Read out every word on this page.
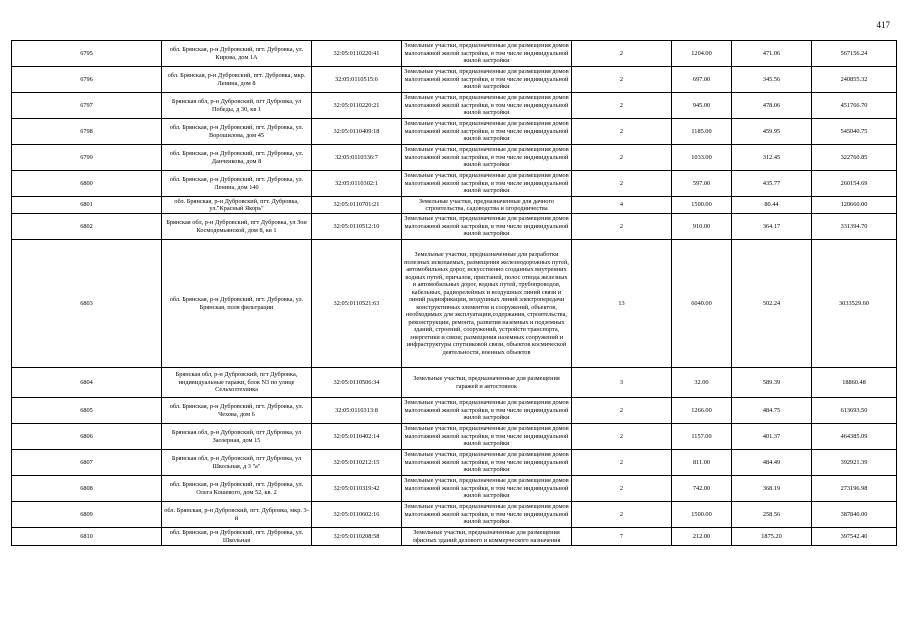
417
6795	обл. Брянская, р-н Дубровский, пгт. Дубровка, ул. Кирова, дом 1А	32:05:0110220:41	Земельные участки, предназначенные для размещения домов малоэтажной жилой застройки, в том числе индивидуальной жилой застройки	2	1204.00	471.06	567156.24
6796	обл. Брянская, р-н Дубровский, пгт. Дубровка, мкр. Ленина, дом 8	32:05:0110515:6	Земельные участки, предназначенные для размещения домов малоэтажной жилой застройки, в том числе индивидуальной жилой застройки	2	697.00	345.56	240855.32
6797	Брянская обл, р-н Дубровский, пгт Дубровка, ул Победы, д 30, кв 1	32:05:0110220:21	Земельные участки, предназначенные для размещения домов малоэтажной жилой застройки, в том числе индивидуальной жилой застройки	2	945.00	478.06	451766.70
6798	обл. Брянская, р-н Дубровский, пгт. Дубровка, ул. Ворошилова, дом 45	32:05:0110409:18	Земельные участки, предназначенные для размещения домов малоэтажной жилой застройки, в том числе индивидуальной жилой застройки	2	1185.00	459.95	545040.75
6799	обл. Брянская, р-н Дубровский, пгт. Дубровка, ул. Данченкова, дом 8	32:05:0110336:7	Земельные участки, предназначенные для размещения домов малоэтажной жилой застройки, в том числе индивидуальной жилой застройки	2	1033.00	312.45	322760.85
6800	обл. Брянская, р-н Дубровский, пгт. Дубровка, ул. Ленина, дом 140	32:05:0110302:1	Земельные участки, предназначенные для размещения домов малоэтажной жилой застройки, в том числе индивидуальной жилой застройки	2	597.00	435.77	260154.69
6801	обл. Брянская, р-н Дубровский, пгт. Дубровка, ул."Красный Якорь"	32:05:0110701:21	Земельные участки, предназначенные для дачного строительства, садоводства и огородничества	4	1500.00	80.44	120660.00
6802	Брянская обл, р-н Дубровский, пгт Дубровка, ул Зои Космодемьянской, дом 8, кв 1	32:05:0110512:10	Земельные участки, предназначенные для размещения домов малоэтажной жилой застройки, в том числе индивидуальной жилой застройки	2	910.00	364.17	331394.70
6803	обл. Брянская, р-н Дубровский, пгт. Дубровка, ул. Брянская, поля фильтрации	32:05:0110521:63	Земельные участки, предназначенные для разработки полезных ископаемых, размещения железнодорожных путей, автомобильных дорог, искусственно созданных внутренних водных путей, причалов, пристаней, полос отвода железных и автомобильных дорог, водных путей, трубопроводов, кабельных, радиорелейных и воздушных линий связи и линий радиофикации, воздушных линий электропередачи конструктивных элементов и сооружений, объектов, необходимых для эксплуатации,содержания, строительства, реконструкции, ремонта, развития наземных и подземных зданий, строений, сооружений, устройств транспорта, энергетики и связи; размещения наземных сооружений и инфраструктуры спутниковой связи, объектов космической деятельности, военных объектов	13	6040.00	502.24	3033529.60
6804	Брянская обл, р-н Дубровский, пгт Дубровка, индивидуальные гаражи, блок N3 по улице Сельхозтехника	32:05:0110506:34	Земельные участки, предназначенные для размещения гаражей и автостоянок	3	32.00	589.39	18860.48
6805	обл. Брянская, р-н Дубровский, пгт. Дубровка, ул. Чехова, дом 6	32:05:0110313:8	Земельные участки, предназначенные для размещения домов малоэтажной жилой застройки, в том числе индивидуальной жилой застройки	2	1266.00	484.75	613693.50
6806	Брянская обл, р-н Дубровский, пгт Дубровка, ул Заозерная, дом 15	32:05:0110402:14	Земельные участки, предназначенные для размещения домов малоэтажной жилой застройки, в том числе индивидуальной жилой застройки	2	1157.00	401.37	464385.09
6807	Брянская обл, р-н Дубровский, пгт Дубровка, ул Школьная, д 3 "а"	32:05:0110212:15	Земельные участки, предназначенные для размещения домов малоэтажной жилой застройки, в том числе индивидуальной жилой застройки	2	811.00	484.49	392921.39
6808	обл. Брянская, р-н Дубровский, пгт. Дубровка, ул. Олега Кошевого, дом 52, кв. 2	32:05:0110319:42	Земельные участки, предназначенные для размещения домов малоэтажной жилой застройки, в том числе индивидуальной жилой застройки	2	742.00	368.19	273196.98
6809	обл. Брянская, р-н Дубровский, пгт. Дубровка, мкр. 3-й	32:05:0110602:16	Земельные участки, предназначенные для размещения домов малоэтажной жилой застройки, в том числе индивидуальной жилой застройки	2	1500.00	258.56	387840.00
6810	обл. Брянская, р-н Дубровский, пгт. Дубровка, ул. Школьная	32:05:0110208:58	Земельные участки, предназначенные для размещения офисных зданий делового и коммерческого назначения	7	212.00	1875.20	397542.40
